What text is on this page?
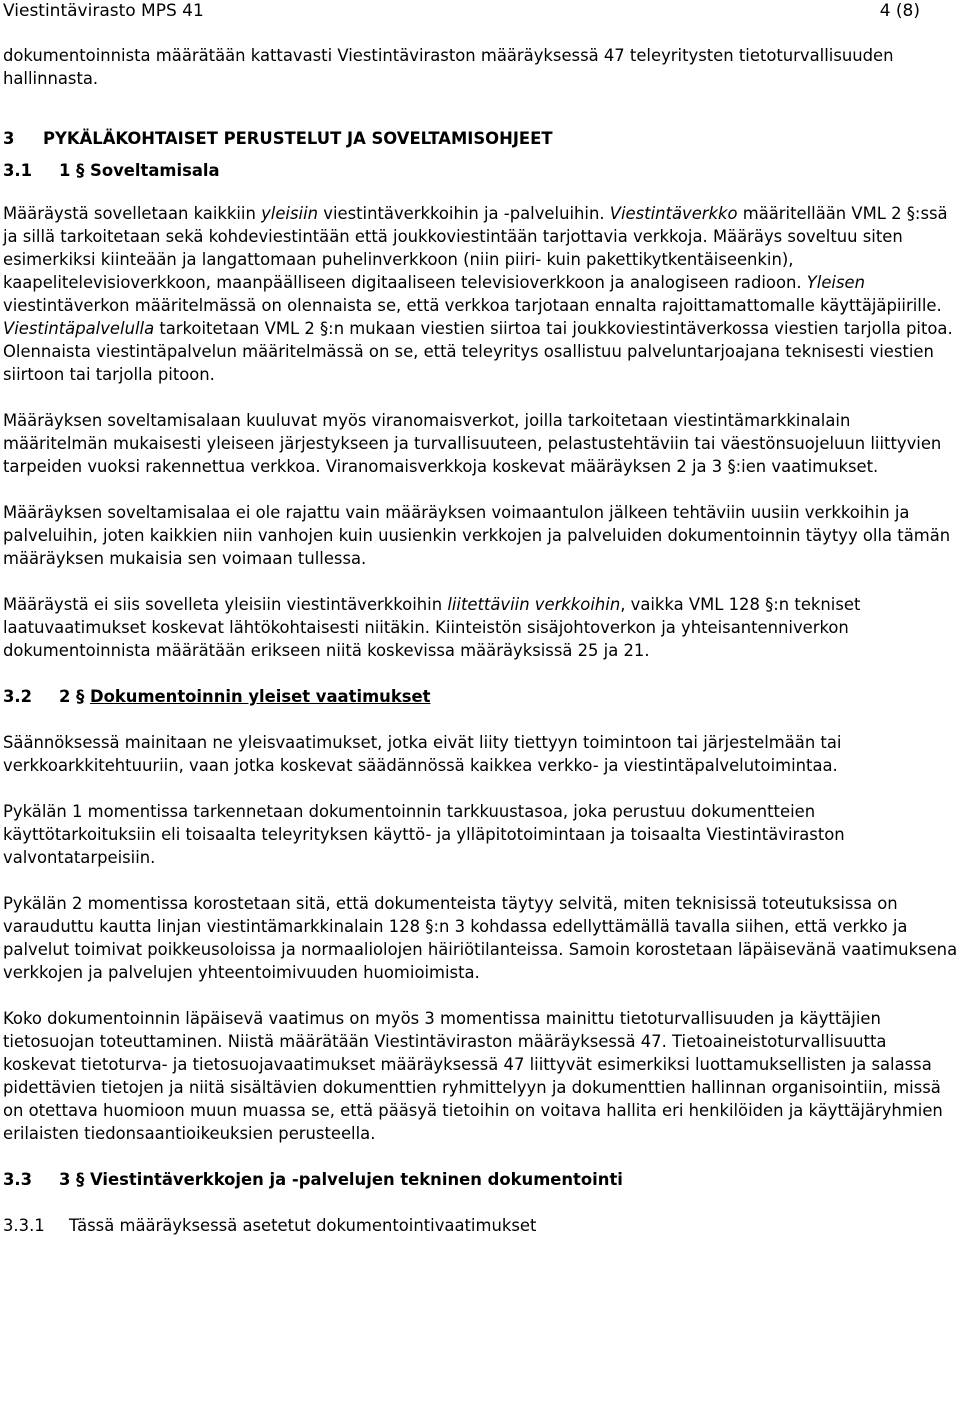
Viestintävirasto MPS 41	4 (8)

dokumentoinnista määrätään kattavasti Viestintäviraston määräyksessä 47 teleyritysten tietoturvallisuuden hallinnasta.

3 PYKÄLÄKOHTAISET PERUSTELUT JA SOVELTAMISOHJEET
3.1 1 § Soveltamisala

Määräystä sovelletaan kaikkiin yleisiin viestintäverkkoihin ja -palveluihin. Viestintäverkko määritellään VML 2 §:ssä ja sillä tarkoitetaan sekä kohdeviestintään että joukkoviestintään tarjottavia verkkoja. Määräys soveltuu siten esimerkiksi kiinteään ja langattomaan puhelinverkkoon (niin piiri- kuin pakettikytkentäiseenkin), kaapelitelevisioverkkoon, maanpäälliseen digitaaliseen televisioverkkoon ja analogiseen radioon. Yleisen viestintäverkon määritelmässä on olennaista se, että verkkoa tarjotaan ennalta rajoittamattomalle käyttäjäpiirille. Viestintäpalvelulla tarkoitetaan VML 2 §:n mukaan viestien siirtoa tai joukkoviestintäverkossa viestien tarjolla pitoa. Olennaista viestintäpalvelun määritelmässä on se, että teleyritys osallistuu palveluntarjoajana teknisesti viestien siirtoon tai tarjolla pitoon.

Määräyksen soveltamisalaan kuuluvat myös viranomaisverkot, joilla tarkoitetaan viestintämarkkinalain määritelmän mukaisesti yleiseen järjestykseen ja turvallisuuteen, pelastustehtäviin tai väestönsuojeluun liittyvien tarpeiden vuoksi rakennettua verkkoa. Viranomaisverkkoja koskevat määräyksen 2 ja 3 §:ien vaatimukset.

Määräyksen soveltamisalaa ei ole rajattu vain määräyksen voimaantulon jälkeen tehtäviin uusiin verkkoihin ja palveluihin, joten kaikkien niin vanhojen kuin uusienkin verkkojen ja palveluiden dokumentoinnin täytyy olla tämän määräyksen mukaisia sen voimaan tullessa.

Määräystä ei siis sovelleta yleisiin viestintäverkkoihin liitettäviin verkkoihin, vaikka VML 128 §:n tekniset laatuvaatimukset koskevat lähtökohtaisesti niitäkin. Kiinteistön sisäjohtoverkon ja yhteisantenniverkon dokumentoinnista määrätään erikseen niitä koskevissa määräyksissä 25 ja 21.

3.2 2 § Dokumentoinnin yleiset vaatimukset

Säännöksessä mainitaan ne yleisvaatimukset, jotka eivät liity tiettyyn toimintoon tai järjestelmään tai verkkoarkkitehtuuriin, vaan jotka koskevat säädännössä kaikkea verkko- ja viestintäpalvelutoimintaa.

Pykälän 1 momentissa tarkennetaan dokumentoinnin tarkkuustasoa, joka perustuu dokumentteien käyttötarkoituksiin eli toisaalta teleyrityksen käyttö- ja ylläpitotoimintaan ja toisaalta Viestintäviraston valvontatarpeisiin.

Pykälän 2 momentissa korostetaan sitä, että dokumenteista täytyy selvitä, miten teknisissä toteutuksissa on varauduttu kautta linjan viestintämarkkinalain 128 §:n 3 kohdassa edellyttämällä tavalla siihen, että verkko ja palvelut toimivat poikkeusoloissa ja normaaliolojen häiriötilanteissa. Samoin korostetaan läpäisevänä vaatimuksena verkkojen ja palvelujen yhteentoimivuuden huomioimista.

Koko dokumentoinnin läpäisevä vaatimus on myös 3 momentissa mainittu tietoturvallisuuden ja käyttäjien tietosuojan toteuttaminen. Niistä määrätään Viestintäviraston määräyksessä 47. Tietoaineistoturvallisuutta koskevat tietoturva- ja tietosuojavaatimukset määräyksessä 47 liittyvät esimerkiksi luottamuksellisten ja salassa pidettävien tietojen ja niitä sisältävien dokumenttien ryhmittelyyn ja dokumenttien hallinnan organisointiin, missä on otettava huomioon muun muassa se, että pääsyä tietoihin on voitava hallita eri henkilöiden ja käyttäjäryhmien erilaisten tiedonsaantioikeuksien perusteella.

3.3 3 § Viestintäverkkojen ja -palvelujen tekninen dokumentointi

3.3.1 Tässä määräyksessä asetetut dokumentointivaatimukset
